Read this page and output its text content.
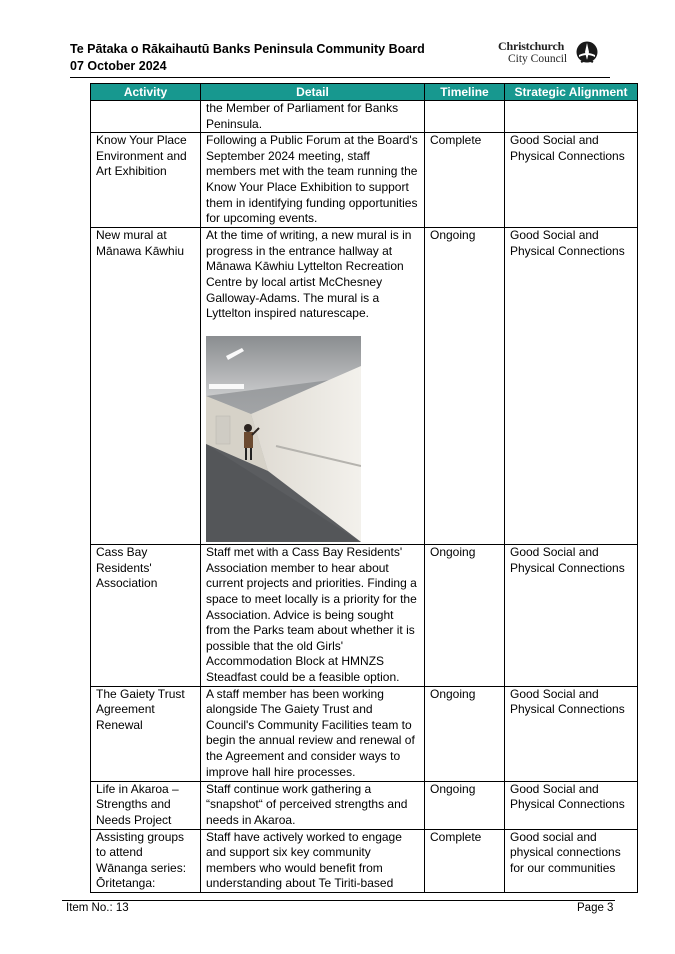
Te Pātaka o Rākaihautū Banks Peninsula Community Board
07 October 2024
Christchurch
City Council
Activity	Detail	Timeline	Strategic Alignment
	the Member of Parliament for Banks Peninsula.		
Know Your Place Environment and Art Exhibition	Following a Public Forum at the Board's September 2024 meeting, staff members met with the team running the Know Your Place Exhibition to support them in identifying funding opportunities for upcoming events.	Complete	Good Social and Physical Connections
New mural at Mānawa Kāwhiu	At the time of writing, a new mural is in progress in the entrance hallway at Mānawa Kāwhiu Lyttelton Recreation Centre by local artist McChesney Galloway-Adams. The mural is a Lyttelton inspired naturescape.	Ongoing	Good Social and Physical Connections
Cass Bay Residents' Association	Staff met with a Cass Bay Residents' Association member to hear about current projects and priorities. Finding a space to meet locally is a priority for the Association. Advice is being sought from the Parks team about whether it is possible that the old Girls' Accommodation Block at HMNZS Steadfast could be a feasible option.	Ongoing	Good Social and Physical Connections
The Gaiety Trust Agreement Renewal	A staff member has been working alongside The Gaiety Trust and Council's Community Facilities team to begin the annual review and renewal of the Agreement and consider ways to improve hall hire processes.	Ongoing	Good Social and Physical Connections
Life in Akaroa – Strengths and Needs Project	Staff continue work gathering a “snapshot“ of perceived strengths and needs in Akaroa.	Ongoing	Good Social and Physical Connections
Assisting groups to attend Wānanga series: Ōritetanga:	Staff have actively worked to engage and support six key community members who would benefit from understanding about Te Tiriti-based	Complete	Good social and physical connections for our communities
Item No.: 13	Page 3
